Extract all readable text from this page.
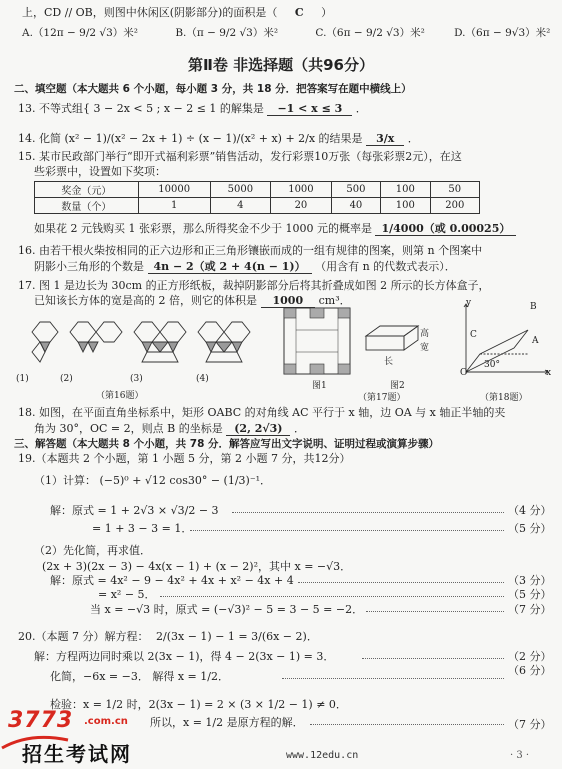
上，CD // OB，则图中休闲区(阴影部分)的面积是（ C ）
A.（12π − 9/2 √3）米²	B.（π − 9/2 √3）米²	C.（6π − 9/2 √3）米²	D.（6π − 9√3）米²
第Ⅱ卷 非选择题（共96分）
二、填空题（本大题共 6 个小题，每小题 3 分，共 18 分．把答案写在题中横线上）
13. 不等式组{ 3 − 2x < 5 ; x − 2 ≤ 1 的解集是 −1 < x ≤ 3 ．
14. 化简 (x² − 1)/(x² − 2x + 1) ÷ (x − 1)/(x² + x) + 2/x 的结果是 3/x ．
15. 某市民政部门举行“即开式福利彩票”销售活动，发行彩票10万张（每张彩票2元），在这
些彩票中，设置如下奖项：
奖金（元）	10000	5000	1000	500	100	50
数量（个）	1	4	20	40	100	200
如果花 2 元钱购买 1 张彩票，那么所得奖金不少于 1000 元的概率是 1/4000（或 0.00025）
16. 由若干根火柴按相同的正六边形和正三角形镶嵌而成的一组有规律的图案，则第 n 个图案中
阴影小三角形的个数是 4n − 2（或 2 + 4(n − 1)） （用含有 n 的代数式表示）．
17. 图 1 是边长为 30cm 的正方形纸板，裁掉阴影部分后将其折叠成如图 2 所示的长方体盒子，
已知该长方体的宽是高的 2 倍，则它的体积是 1000 cm³．
(1)	(2)	(3)	(4)
（第16题）
图1
高
宽
长
图2
（第17题）
y
x
O
A
B
C
30°
（第18题）
18. 如图，在平面直角坐标系中，矩形 OABC 的对角线 AC 平行于 x 轴，边 OA 与 x 轴正半轴的夹
角为 30°，OC = 2，则点 B 的坐标是 (2, 2√3) ．
三、解答题（本大题共 8 个小题，共 78 分．解答应写出文字说明、证明过程或演算步骤）
19.（本题共 2 个小题，第 1 小题 5 分，第 2 小题 7 分，共12分）
（1）计算： (−5)⁰ + √12 cos30° − (1/3)⁻¹．
解：原式 = 1 + 2√3 × √3/2 − 3	（4 分）
= 1 + 3 − 3 = 1．	（5 分）
（2）先化简，再求值．
(2x + 3)(2x − 3) − 4x(x − 1) + (x − 2)²，其中 x = −√3．
解：原式 = 4x² − 9 − 4x² + 4x + x² − 4x + 4	（3 分）
= x² − 5．	（5 分）
当 x = −√3 时，原式 = (−√3)² − 5 = 3 − 5 = −2．	（7 分）
20.（本题 7 分）解方程： 2/(3x − 1) − 1 = 3/(6x − 2)．
解：方程两边同时乘以 2(3x − 1)，得 4 − 2(3x − 1) = 3．	（2 分）
化简，−6x = −3． 解得 x = 1/2．	（6 分）
检验：x = 1/2 时，2(3x − 1) = 2 × (3 × 1/2 − 1) ≠ 0．
所以，x = 1/2 是原方程的解．	（7 分）
3773 .com.cn
招生考试网	www.12edu.cn	· 3 ·
